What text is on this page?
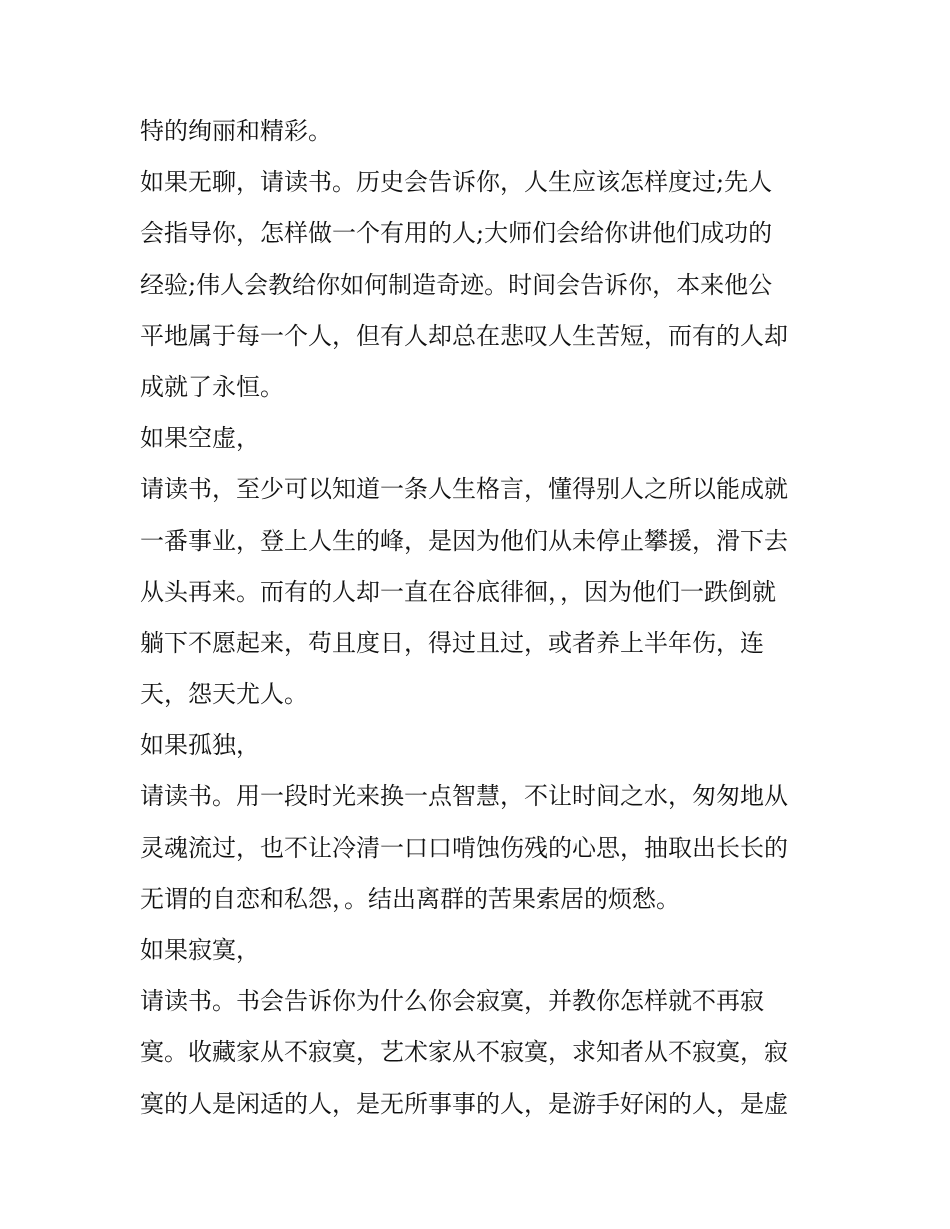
特的绚丽和精彩。

如果无聊，请读书。历史会告诉你，人生应该怎样度过;先人

会指导你，怎样做一个有用的人;大师们会给你讲他们成功的

经验;伟人会教给你如何制造奇迹。时间会告诉你，本来他公

平地属于每一个人，但有人却总在悲叹人生苦短，而有的人却

成就了永恒。

如果空虚，

请读书，至少可以知道一条人生格言，懂得别人之所以能成就

一番事业，登上人生的峰，是因为他们从未停止攀援，滑下去

从头再来。而有的人却一直在谷底徘徊，，因为他们一跌倒就

躺下不愿起来，苟且度日，得过且过，或者养上半年伤，连

天，怨天尤人。

如果孤独，

请读书。用一段时光来换一点智慧，不让时间之水，匆匆地从

灵魂流过，也不让冷清一口口啃蚀伤残的心思，抽取出长长的

无谓的自恋和私怨，。结出离群的苦果索居的烦愁。

如果寂寞，

请读书。书会告诉你为什么你会寂寞，并教你怎样就不再寂

寞。收藏家从不寂寞，艺术家从不寂寞，求知者从不寂寞，寂

寞的人是闲适的人，是无所事事的人，是游手好闲的人，是虚
